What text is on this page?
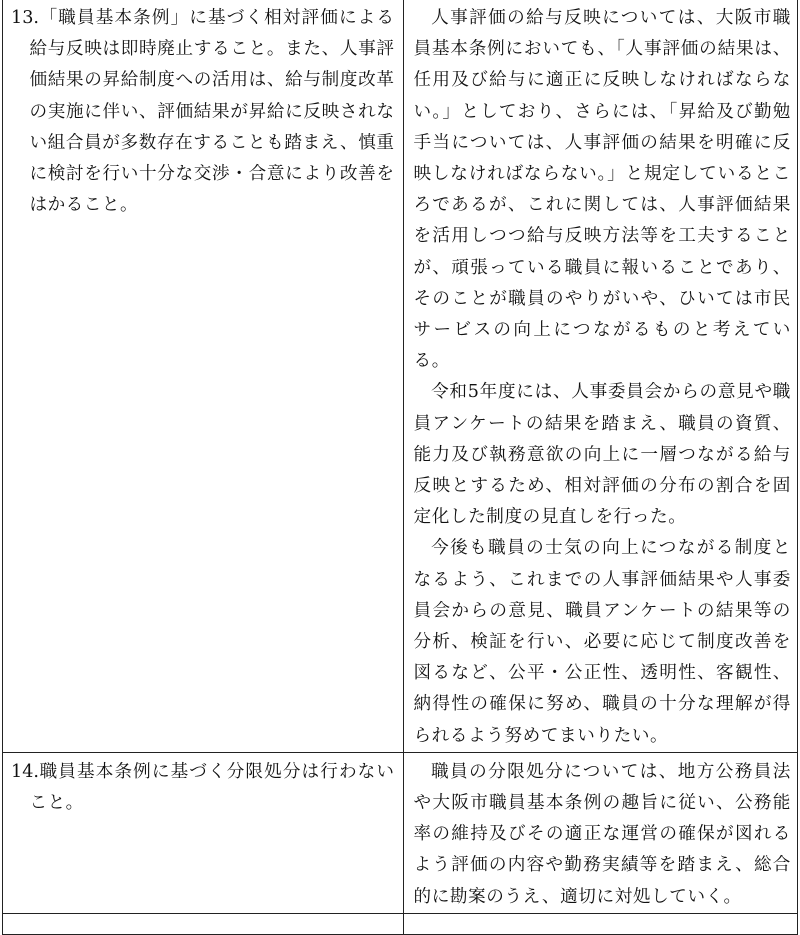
13.「職員基本条例」に基づく相対評価による給与反映は即時廃止すること。また、人事評価結果の昇給制度への活用は、給与制度改革の実施に伴い、評価結果が昇給に反映されない組合員が多数存在することも踏まえ、慎重に検討を行い十分な交渉・合意により改善をはかること。	人事評価の給与反映については、大阪市職員基本条例においても、「人事評価の結果は、任用及び給与に適正に反映しなければならない。」としており、さらには、「昇給及び勤勉手当については、人事評価の結果を明確に反映しなければならない。」と規定しているところであるが、これに関しては、人事評価結果を活用しつつ給与反映方法等を工夫することが、頑張っている職員に報いることであり、そのことが職員のやりがいや、ひいては市民サービスの向上につながるものと考えている。

令和5年度には、人事委員会からの意見や職員アンケートの結果を踏まえ、職員の資質、能力及び執務意欲の向上に一層つながる給与反映とするため、相対評価の分布の割合を固定化した制度の見直しを行った。

今後も職員の士気の向上につながる制度となるよう、これまでの人事評価結果や人事委員会からの意見、職員アンケートの結果等の分析、検証を行い、必要に応じて制度改善を図るなど、公平・公正性、透明性、客観性、納得性の確保に努め、職員の十分な理解が得られるよう努めてまいりたい。

14.職員基本条例に基づく分限処分は行わないこと。	職員の分限処分については、地方公務員法や大阪市職員基本条例の趣旨に従い、公務能率の維持及びその適正な運営の確保が図れるよう評価の内容や勤務実績等を踏まえ、総合的に勘案のうえ、適切に対処していく。
